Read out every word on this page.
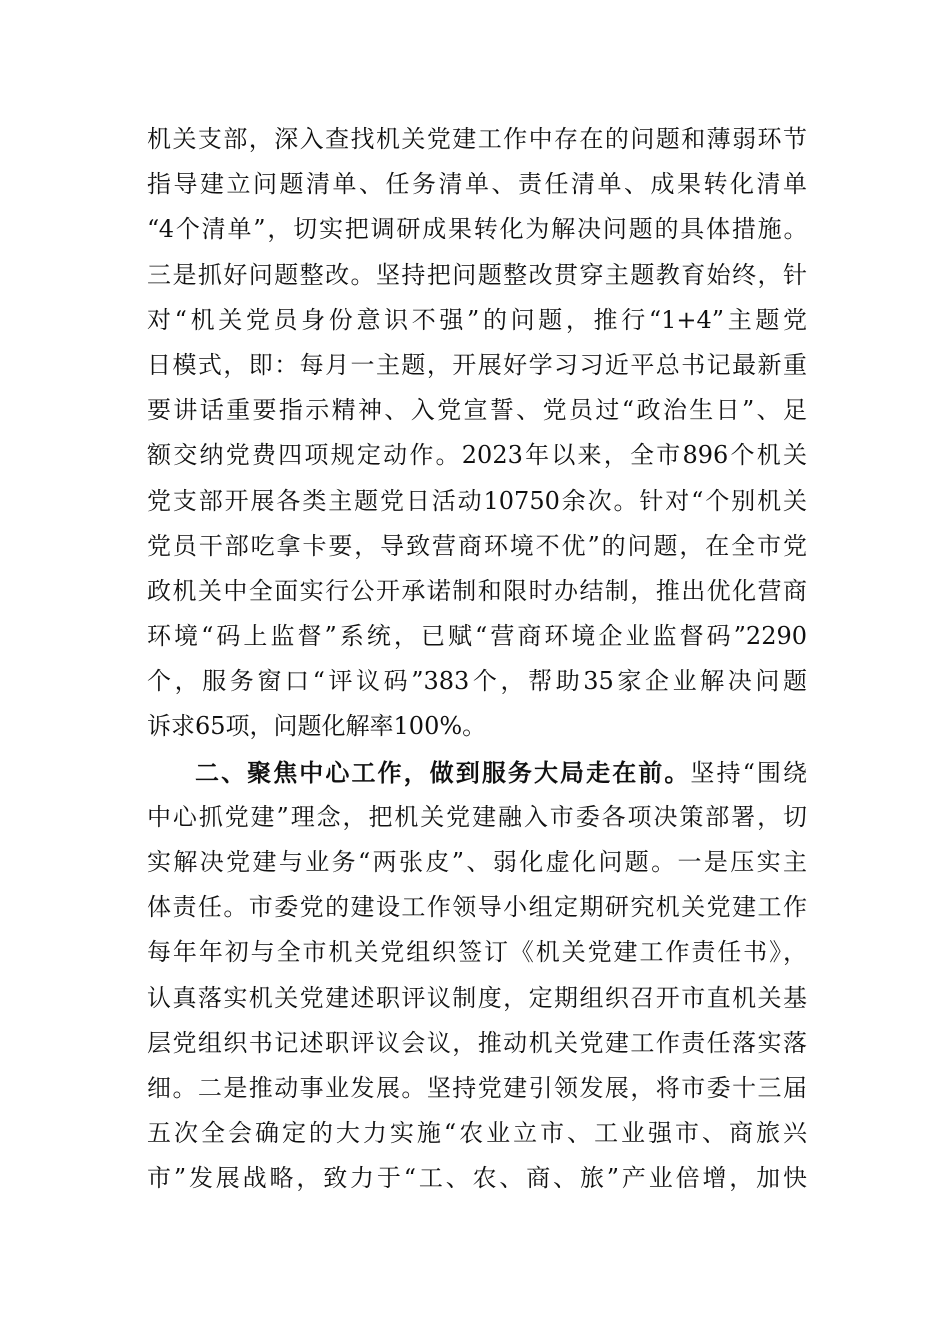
机关支部，深入查找机关党建工作中存在的问题和薄弱环节
指导建立问题清单、任务清单、责任清单、成果转化清单
“4个清单”，切实把调研成果转化为解决问题的具体措施。
三是抓好问题整改。坚持把问题整改贯穿主题教育始终，针
对“机关党员身份意识不强”的问题，推行“1+4”主题党
日模式，即：每月一主题，开展好学习习近平总书记最新重
要讲话重要指示精神、入党宣誓、党员过“政治生日”、足
额交纳党费四项规定动作。2023年以来，全市896个机关
党支部开展各类主题党日活动10750余次。针对“个别机关
党员干部吃拿卡要，导致营商环境不优”的问题，在全市党
政机关中全面实行公开承诺制和限时办结制，推出优化营商
环境“码上监督”系统，已赋“营商环境企业监督码”2290
个，服务窗口“评议码”383个，帮助35家企业解决问题
诉求65项，问题化解率100%。
二、聚焦中心工作，做到服务大局走在前。坚持“围绕
中心抓党建”理念，把机关党建融入市委各项决策部署，切
实解决党建与业务“两张皮”、弱化虚化问题。一是压实主
体责任。市委党的建设工作领导小组定期研究机关党建工作
每年年初与全市机关党组织签订《机关党建工作责任书》，
认真落实机关党建述职评议制度，定期组织召开市直机关基
层党组织书记述职评议会议，推动机关党建工作责任落实落
细。二是推动事业发展。坚持党建引领发展，将市委十三届
五次全会确定的大力实施“农业立市、工业强市、商旅兴
市”发展战略，致力于“工、农、商、旅”产业倍增，加快
